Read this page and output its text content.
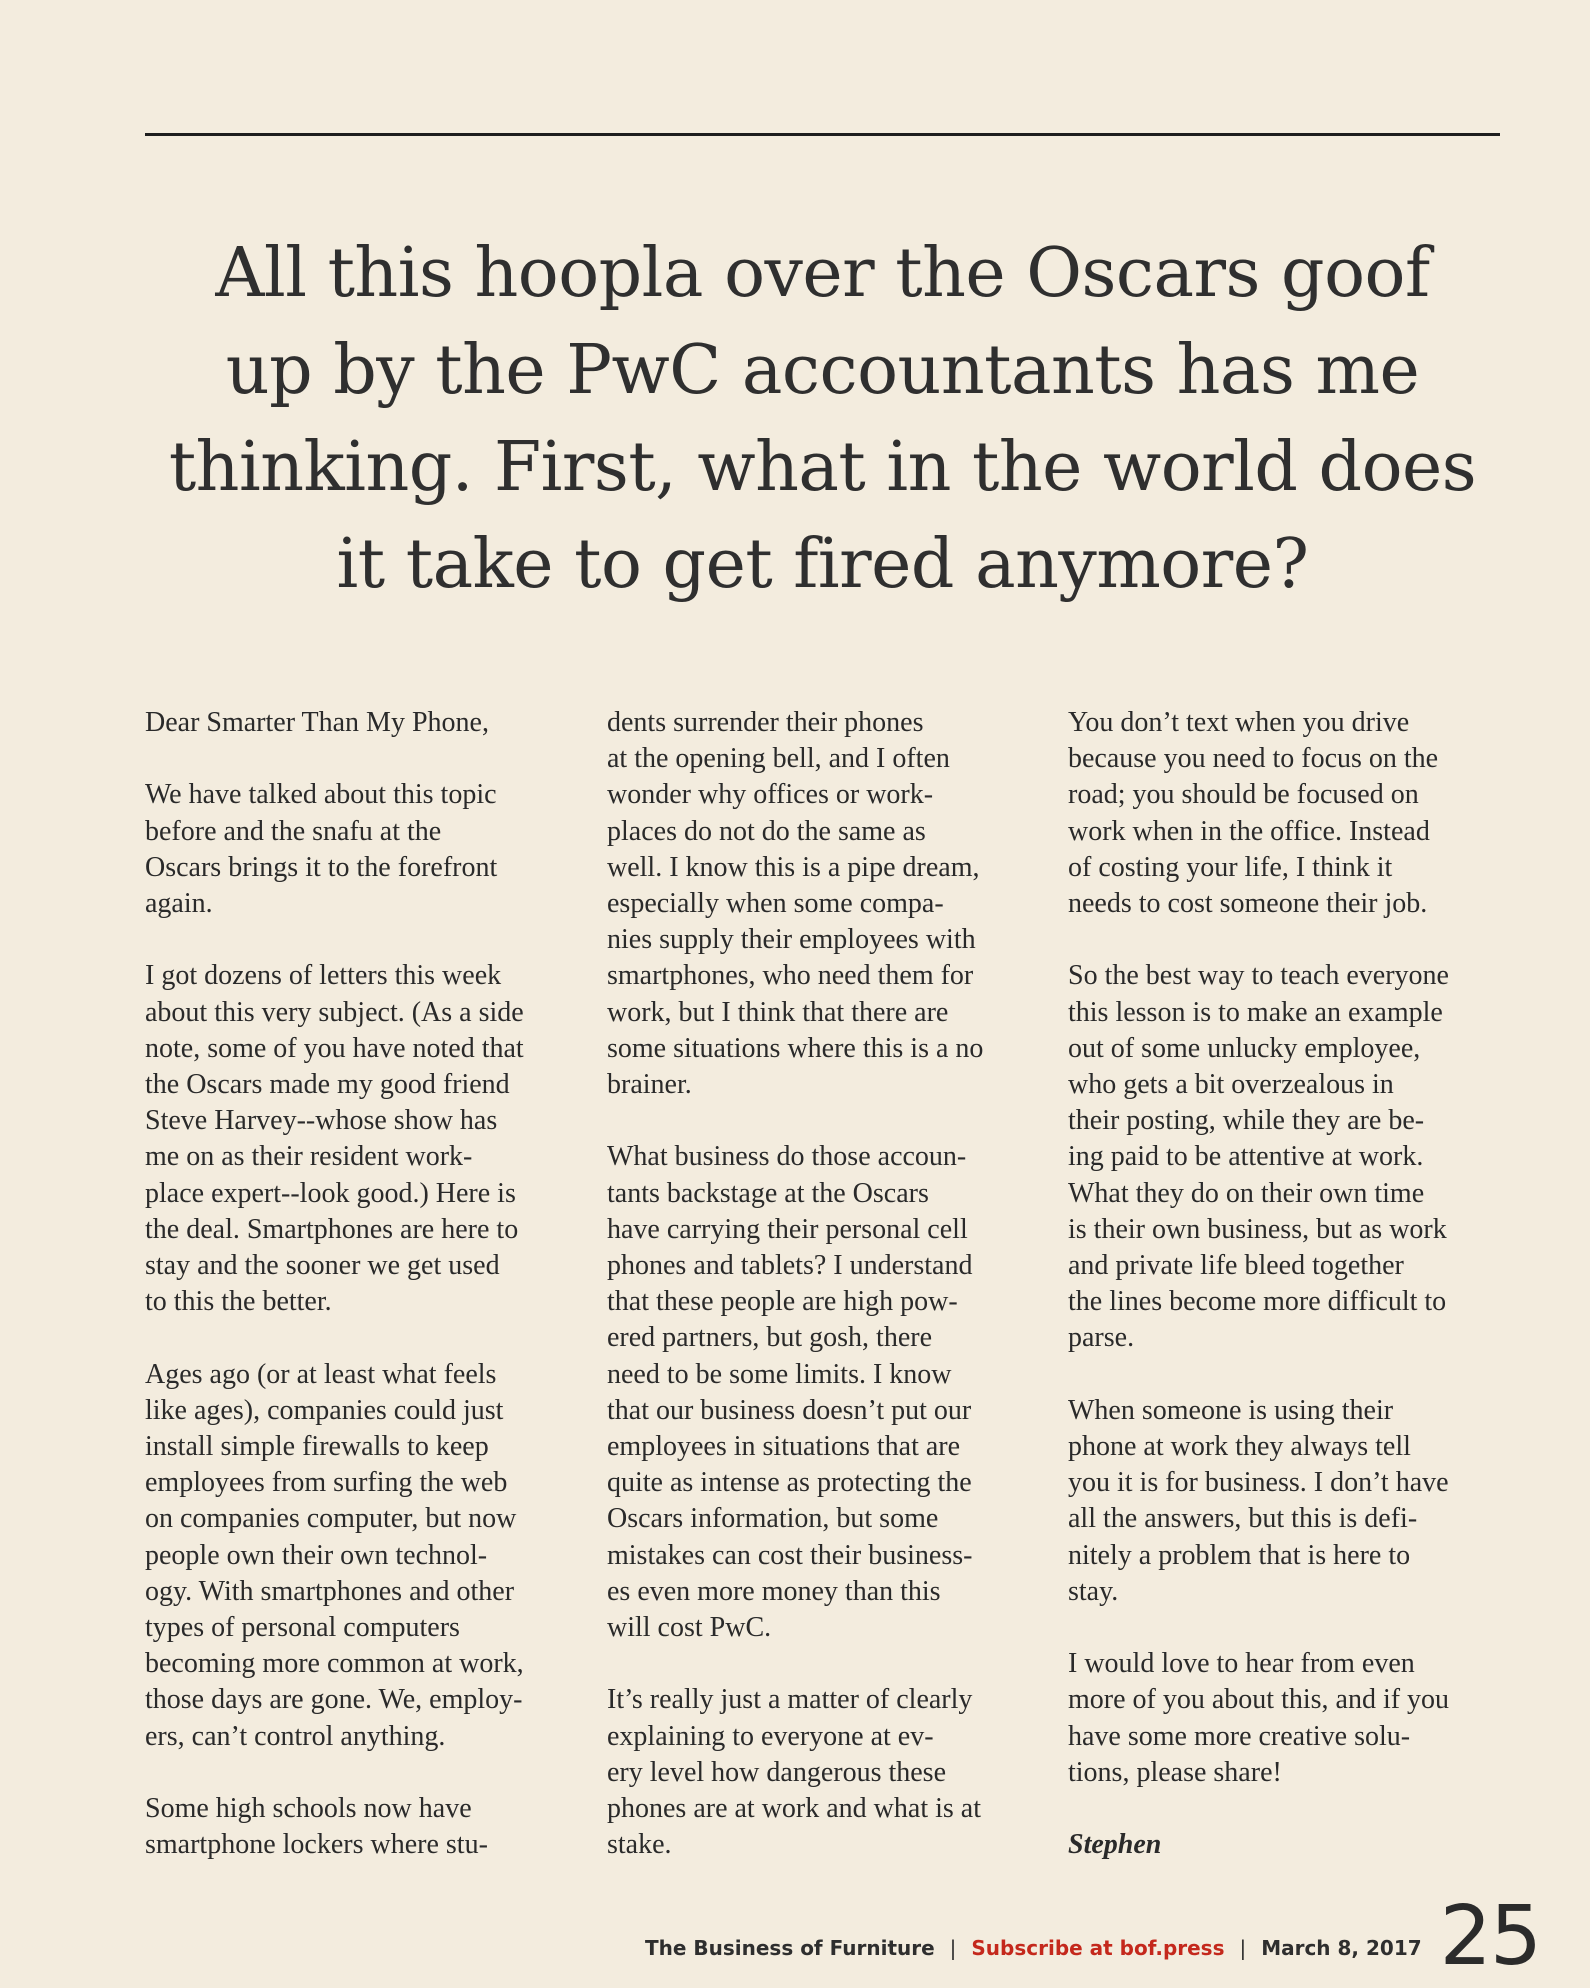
All this hoopla over the Oscars goof
up by the PwC accountants has me
thinking. First, what in the world does
it take to get fired anymore?

Dear Smarter Than My Phone,

We have talked about this topic
before and the snafu at the
Oscars brings it to the forefront
again.

I got dozens of letters this week
about this very subject. (As a side
note, some of you have noted that
the Oscars made my good friend
Steve Harvey--whose show has
me on as their resident work-
place expert--look good.) Here is
the deal. Smartphones are here to
stay and the sooner we get used
to this the better.

Ages ago (or at least what feels
like ages), companies could just
install simple firewalls to keep
employees from surfing the web
on companies computer, but now
people own their own technol-
ogy. With smartphones and other
types of personal computers
becoming more common at work,
those days are gone. We, employ-
ers, can’t control anything.

Some high schools now have
smartphone lockers where stu-

dents surrender their phones
at the opening bell, and I often
wonder why offices or work-
places do not do the same as
well. I know this is a pipe dream,
especially when some compa-
nies supply their employees with
smartphones, who need them for
work, but I think that there are
some situations where this is a no
brainer.

What business do those accoun-
tants backstage at the Oscars
have carrying their personal cell
phones and tablets? I understand
that these people are high pow-
ered partners, but gosh, there
need to be some limits. I know
that our business doesn’t put our
employees in situations that are
quite as intense as protecting the
Oscars information, but some
mistakes can cost their business-
es even more money than this
will cost PwC.

It’s really just a matter of clearly
explaining to everyone at ev-
ery level how dangerous these
phones are at work and what is at
stake.

You don’t text when you drive
because you need to focus on the
road; you should be focused on
work when in the office. Instead
of costing your life, I think it
needs to cost someone their job.

So the best way to teach everyone
this lesson is to make an example
out of some unlucky employee,
who gets a bit overzealous in
their posting, while they are be-
ing paid to be attentive at work.
What they do on their own time
is their own business, but as work
and private life bleed together
the lines become more difficult to
parse.

When someone is using their
phone at work they always tell
you it is for business. I don’t have
all the answers, but this is defi-
nitely a problem that is here to
stay.

I would love to hear from even
more of you about this, and if you
have some more creative solu-
tions, please share!

Stephen

The Business of Furniture | Subscribe at bof.press | March 8, 2017 25
